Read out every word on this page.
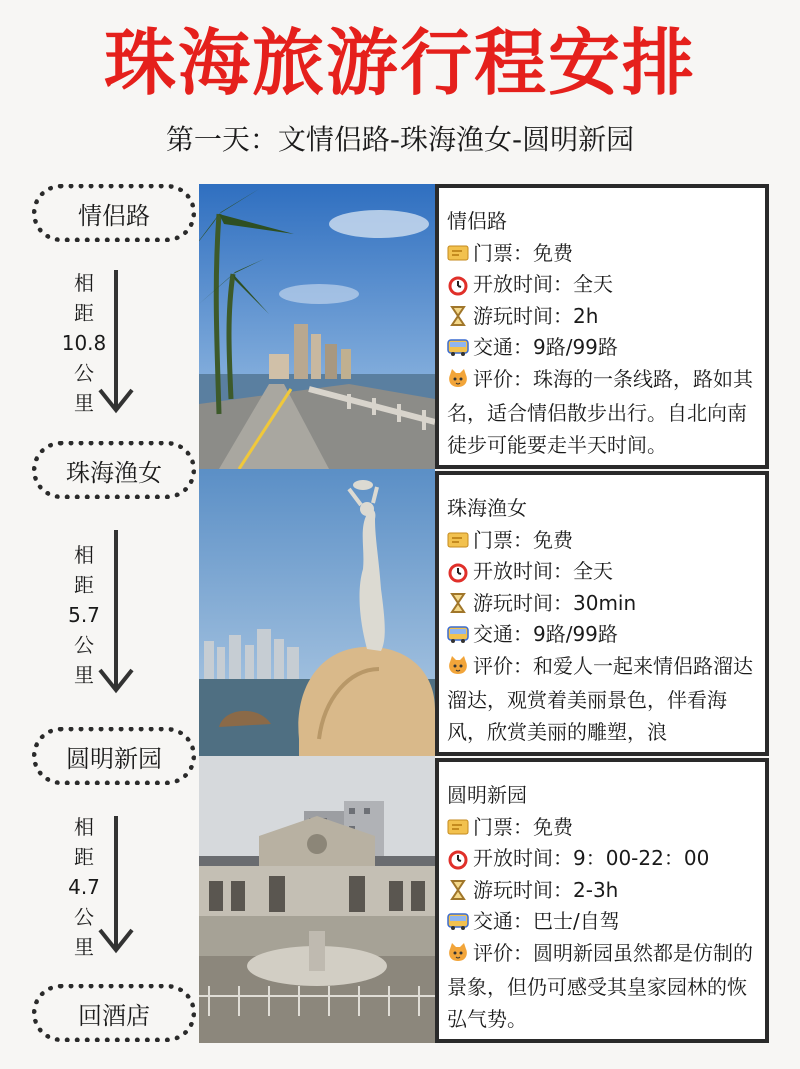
珠海旅游行程安排
第一天：文情侣路-珠海渔女-圆明新园
情侣路
珠海渔女
圆明新园
回酒店
相
距
10.8
公
里
相
距
5.7
公
里
相
距
4.7
公
里
情侣路
门票：免费
开放时间：全天
游玩时间：2h
交通：9路/99路
评价：珠海的一条线路，路如其名，适合情侣散步出行。自北向南徒步可能要走半天时间。
珠海渔女
门票：免费
开放时间：全天
游玩时间：30min
交通：9路/99路
评价：和爱人一起来情侣路溜达溜达，观赏着美丽景色，伴看海风，欣赏美丽的雕塑，浪
圆明新园
门票：免费
开放时间：9：00-22：00
游玩时间：2-3h
交通：巴士/自驾
评价：圆明新园虽然都是仿制的景象，但仍可感受其皇家园林的恢弘气势。
